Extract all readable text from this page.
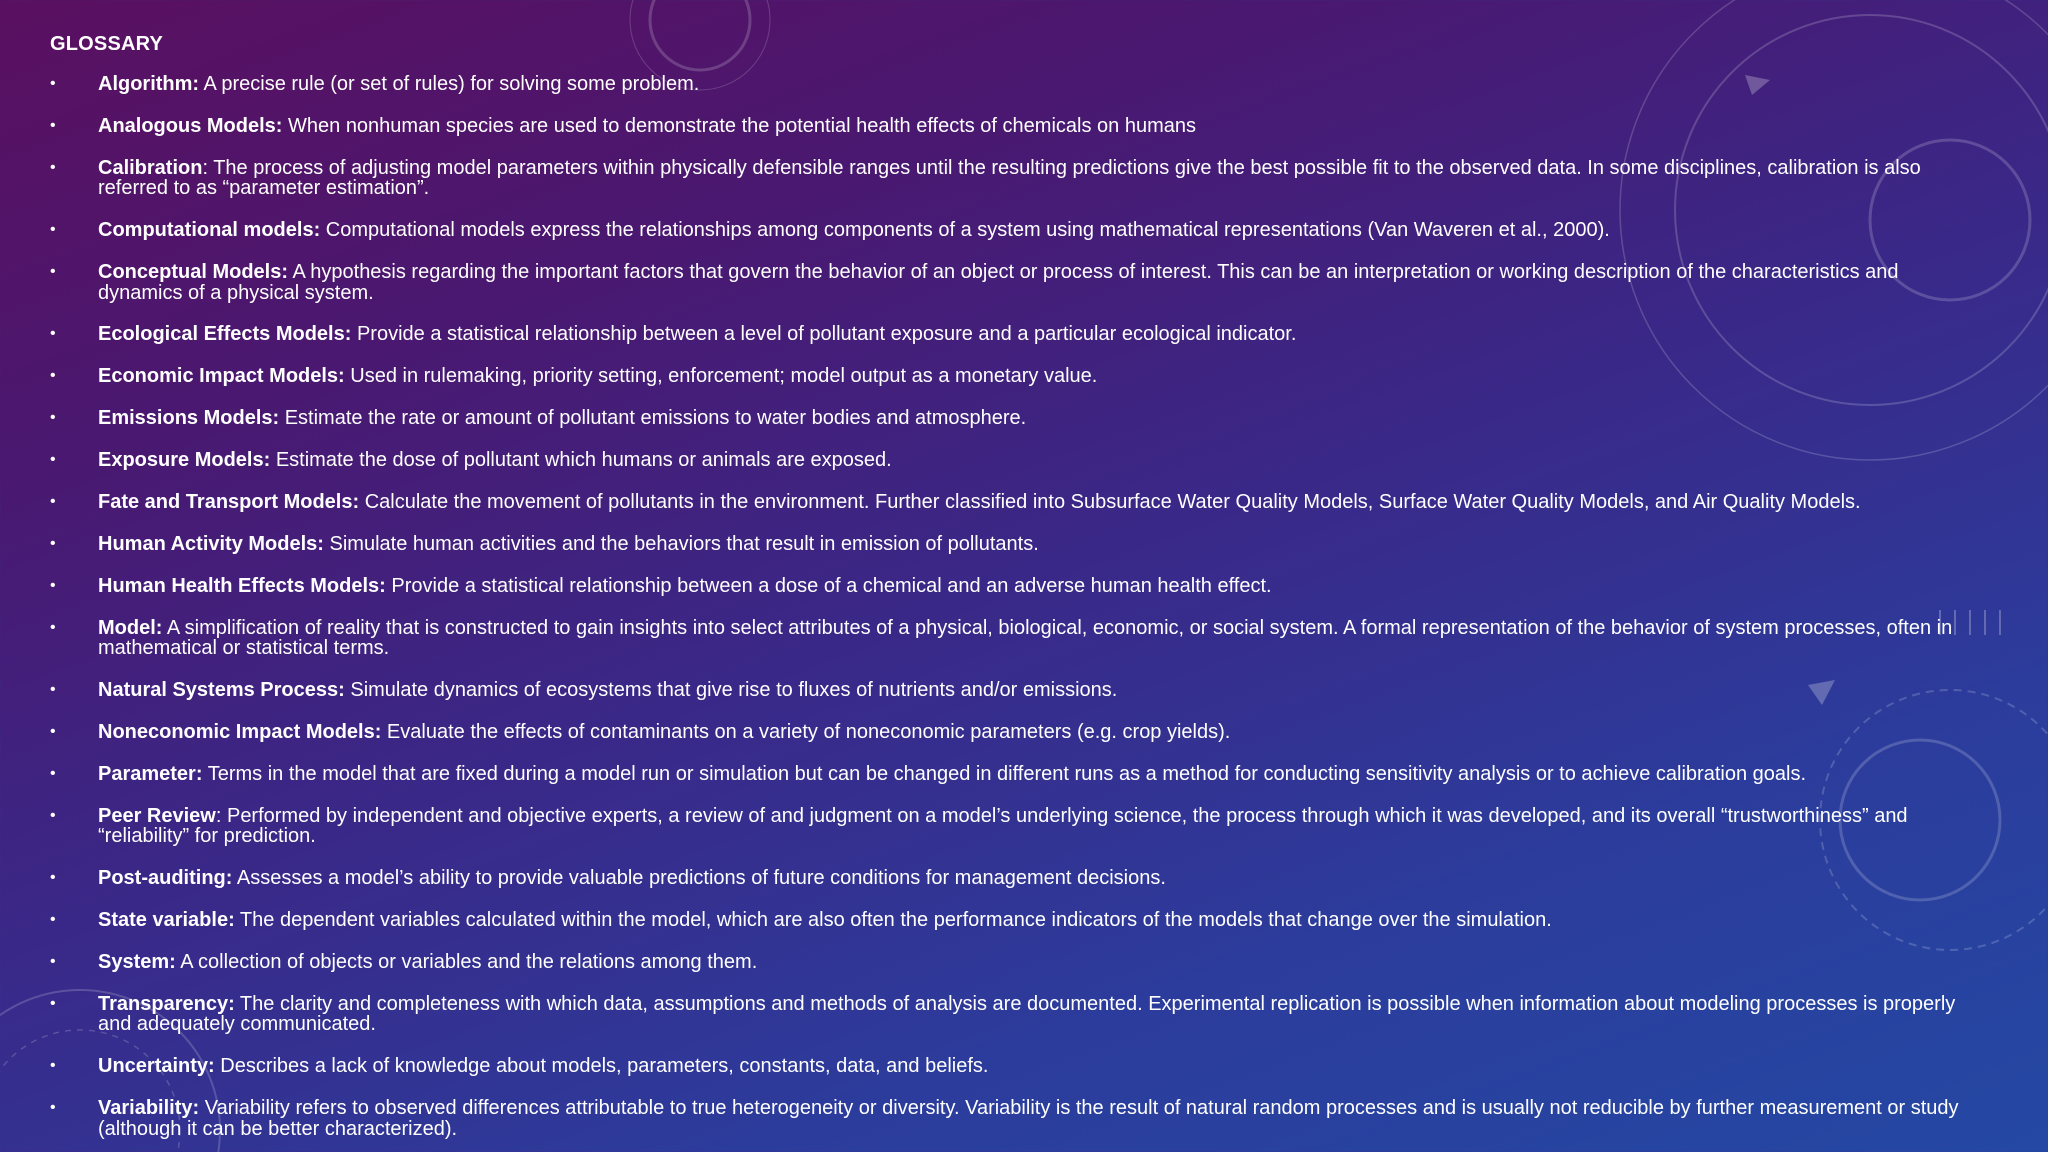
GLOSSARY
• Algorithm: A precise rule (or set of rules) for solving some problem.
• Analogous Models: When nonhuman species are used to demonstrate the potential health effects of chemicals on humans
• Calibration: The process of adjusting model parameters within physically defensible ranges until the resulting predictions give the best possible fit to the observed data. In some disciplines, calibration is also referred to as “parameter estimation”.
• Computational models: Computational models express the relationships among components of a system using mathematical representations (Van Waveren et al., 2000).
• Conceptual Models: A hypothesis regarding the important factors that govern the behavior of an object or process of interest. This can be an interpretation or working description of the characteristics and dynamics of a physical system.
• Ecological Effects Models: Provide a statistical relationship between a level of pollutant exposure and a particular ecological indicator.
• Economic Impact Models: Used in rulemaking, priority setting, enforcement; model output as a monetary value.
• Emissions Models: Estimate the rate or amount of pollutant emissions to water bodies and atmosphere.
• Exposure Models: Estimate the dose of pollutant which humans or animals are exposed.
• Fate and Transport Models: Calculate the movement of pollutants in the environment. Further classified into Subsurface Water Quality Models, Surface Water Quality Models, and Air Quality Models.
• Human Activity Models: Simulate human activities and the behaviors that result in emission of pollutants.
• Human Health Effects Models: Provide a statistical relationship between a dose of a chemical and an adverse human health effect.
• Model: A simplification of reality that is constructed to gain insights into select attributes of a physical, biological, economic, or social system. A formal representation of the behavior of system processes, often in mathematical or statistical terms.
• Natural Systems Process: Simulate dynamics of ecosystems that give rise to fluxes of nutrients and/or emissions.
• Noneconomic Impact Models: Evaluate the effects of contaminants on a variety of noneconomic parameters (e.g. crop yields).
• Parameter: Terms in the model that are fixed during a model run or simulation but can be changed in different runs as a method for conducting sensitivity analysis or to achieve calibration goals.
• Peer Review: Performed by independent and objective experts, a review of and judgment on a model’s underlying science, the process through which it was developed, and its overall “trustworthiness” and “reliability” for prediction.
• Post-auditing: Assesses a model’s ability to provide valuable predictions of future conditions for management decisions.
• State variable: The dependent variables calculated within the model, which are also often the performance indicators of the models that change over the simulation.
• System: A collection of objects or variables and the relations among them.
• Transparency: The clarity and completeness with which data, assumptions and methods of analysis are documented. Experimental replication is possible when information about modeling processes is properly and adequately communicated.
• Uncertainty: Describes a lack of knowledge about models, parameters, constants, data, and beliefs.
• Variability: Variability refers to observed differences attributable to true heterogeneity or diversity. Variability is the result of natural random processes and is usually not reducible by further measurement or study (although it can be better characterized).
